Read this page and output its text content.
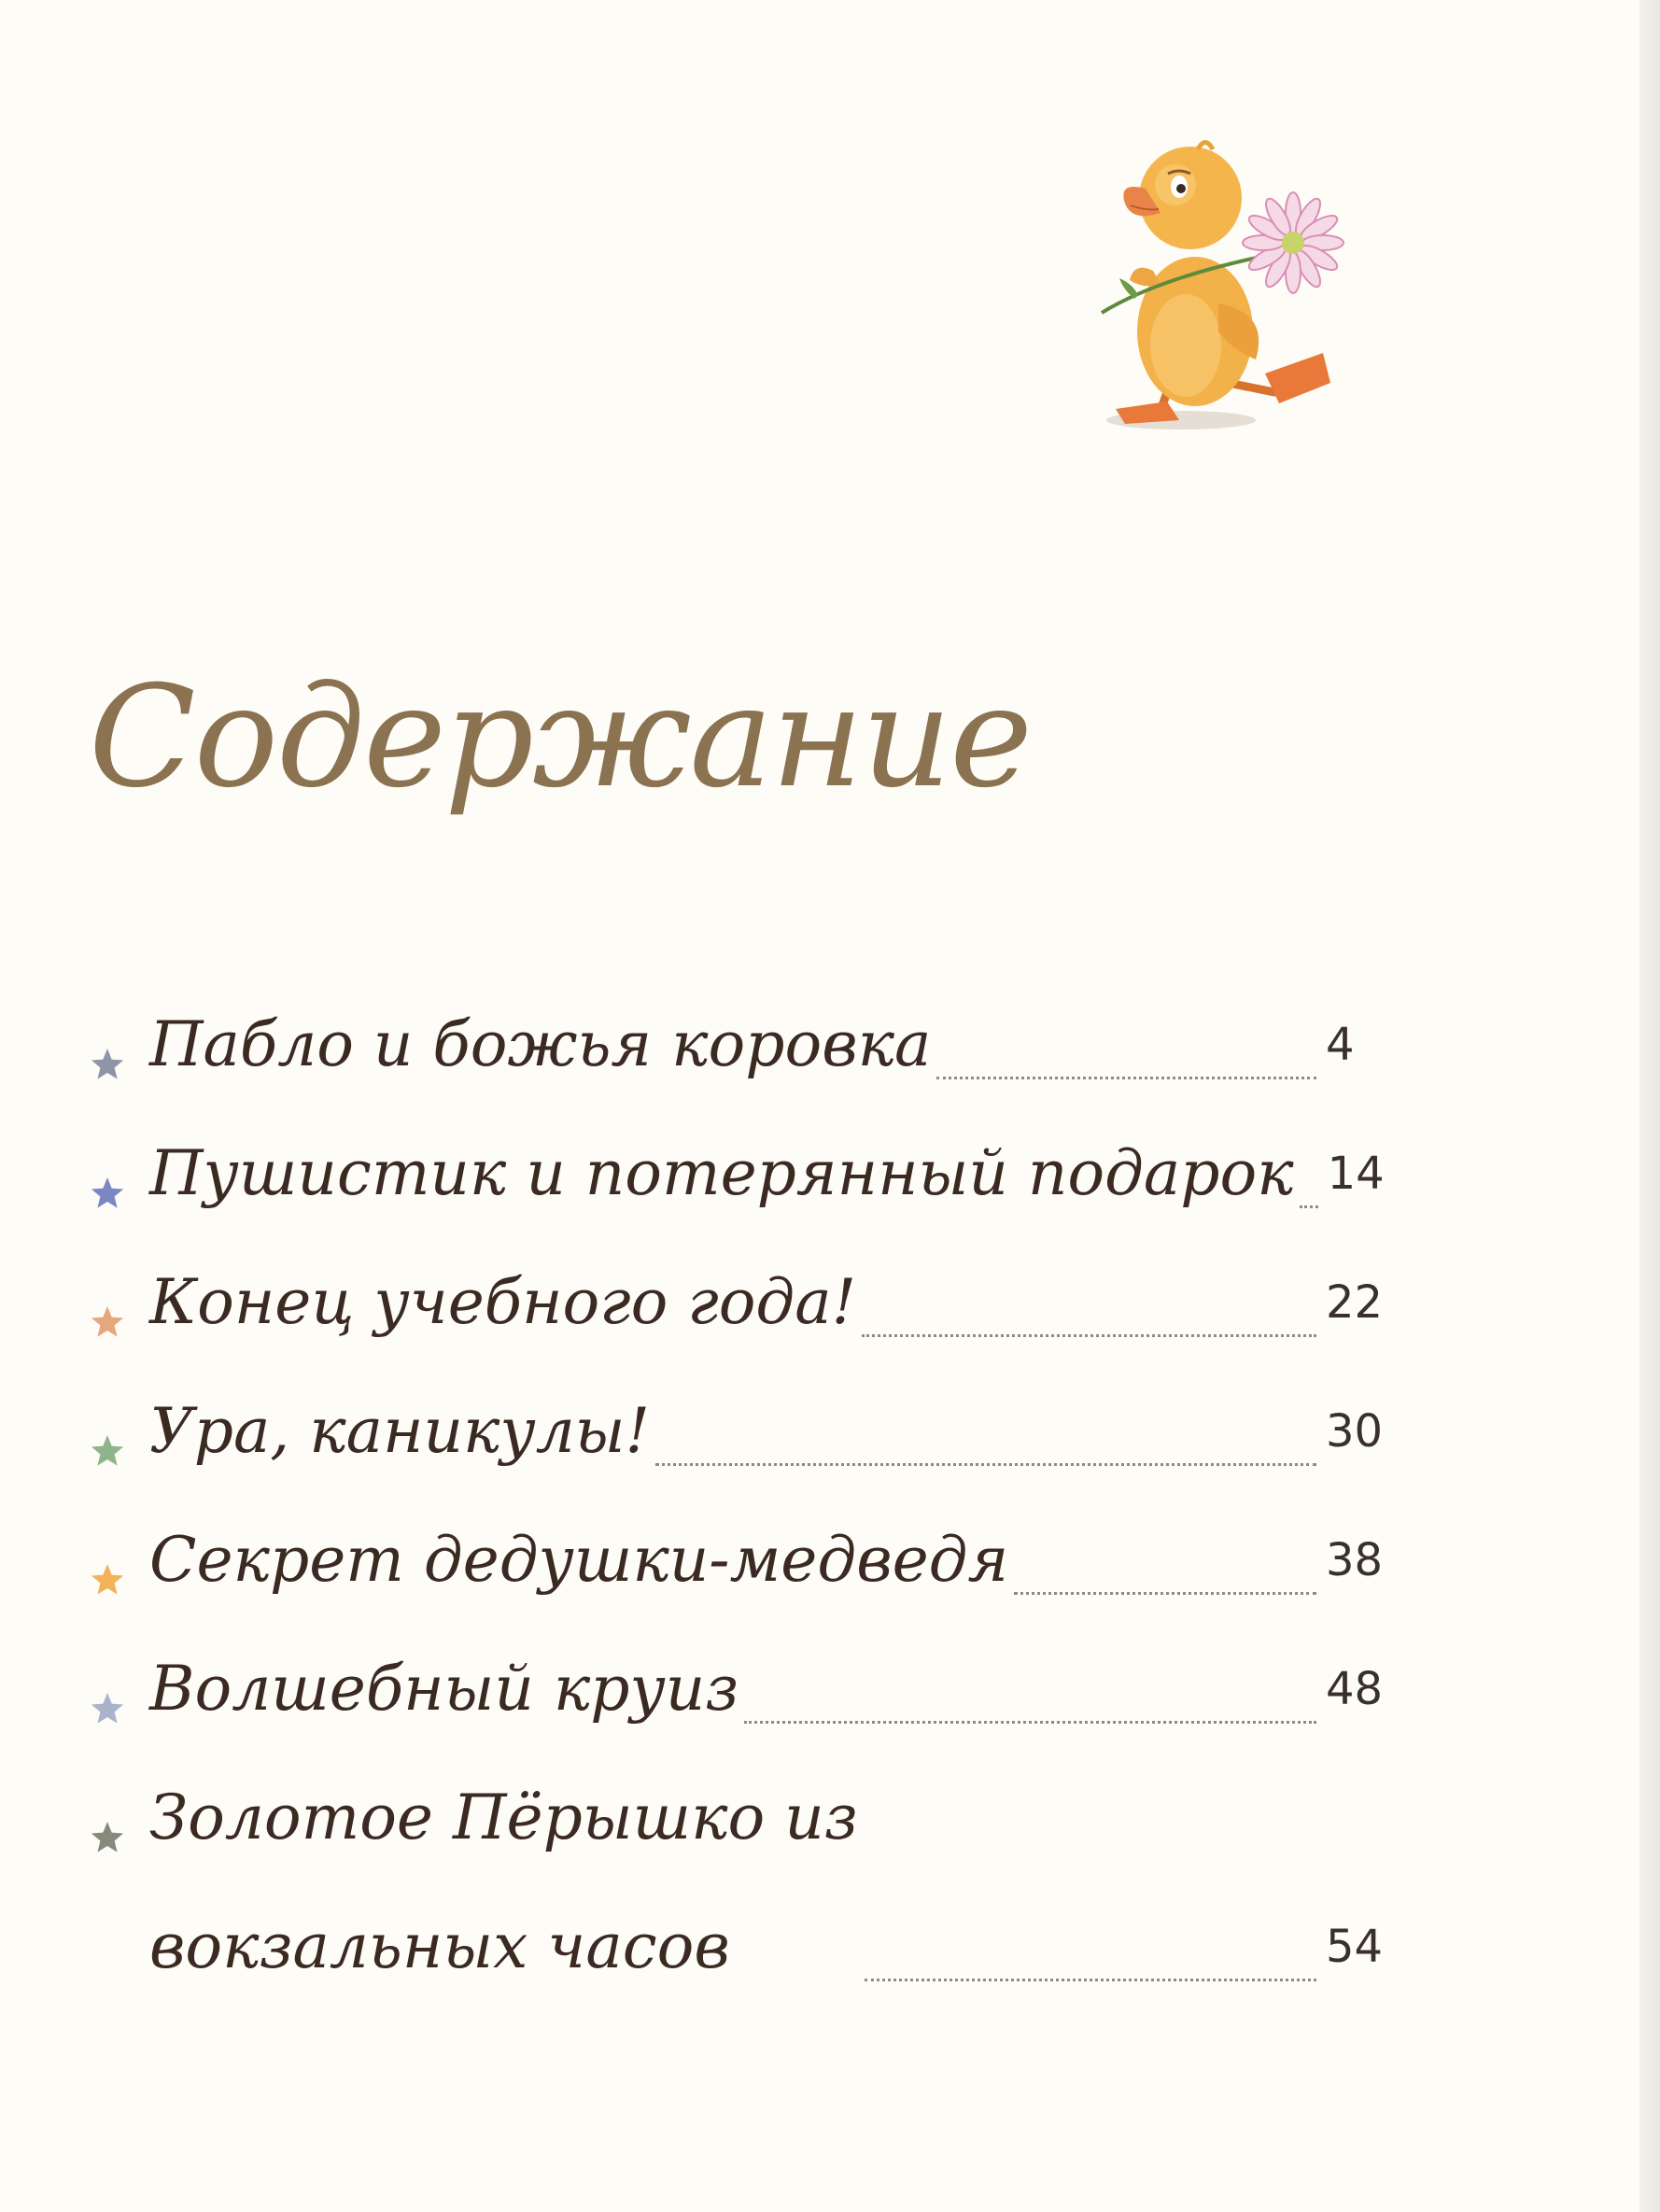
Содержание
Пабло и божья коровка	4
Пушистик и потерянный подарок 14
Конец учебного года!	22
Ура, каникулы!	30
Секрет дедушки-медведя	38
Волшебный круиз	48
Золотое Пёрышко из вокзальных часов	54
